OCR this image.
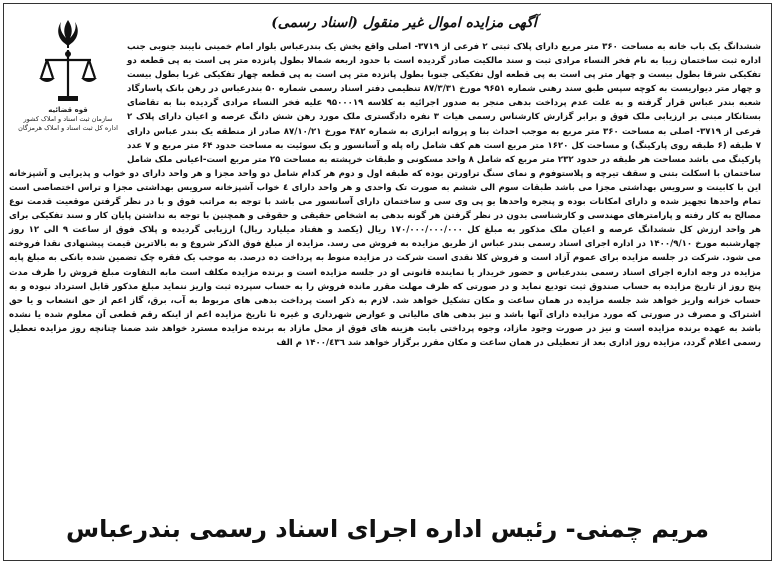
آگهی مزایده اموال غیر منقول (اسناد رسمی)
قوه قضائیه
سازمان ثبت اسناد و املاک کشور
اداره کل ثبت اسناد و املاک هرمزگان
ششدانگ یک باب خانه به مساحت ۳۶۰ متر مربع دارای پلاک ثبتی ۲ فرعی از ۳۷۱۹- اصلی واقع بخش یک بندرعباس بلوار امام خمینی نایبند جنوبی جنب اداره ثبت ساختمان زیبا به نام فخر النساء مرادی ثبت و سند مالکیت صادر گردیده است با حدود اربعه شمالا بطول پانزده متر پی است به پی قطعه دو تفکیکی شرقا بطول بیست و چهار متر پی است به پی قطعه اول تفکیکی جنوبا بطول پانزده متر پی است به پی قطعه چهار تفکیکی غربا بطول بیست و چهار متر دیواریست به کوچه سپس طبق سند رهنی شماره ۹۶۵۱ مورخ ۸۷/۳/۳۱ تنظیمی دفتر اسناد رسمی شماره ۵۰ بندرعباس در رهن بانک پاسارگاد شعبه بندر عباس قرار گرفته و به علت عدم پرداخت بدهی منجر به صدور اجرائیه به کلاسه ۹۵۰۰۰۱۹ علیه فخر النساء مرادی گردیده بنا به تقاضای بستانکار مبنی بر ارزیابی ملک فوق و برابر گزارش کارشناس رسمی هیات ۳ نفره دادگستری ملک مورد رهن شش دانگ عرصه و اعیان دارای پلاک ۲ فرعی از ۳۷۱۹- اصلی به مساحت ۳۶۰ متر مربع به موجب احداث بنا و پروانه ابرازی به شماره ۴۸۲ مورخ ۸۷/۱۰/۲۱ صادر از منطقه یک بندر عباس دارای ۷ طبقه (۶ طبقه روی پارکینگ) و مساحت کل ۱۶۲۰ متر مربع است هم کف شامل راه پله و آسانسور و یک سوئیت به مساحت حدود ۶۴ متر مربع و ۷ عدد پارکینگ می باشد مساحت هر طبقه در حدود ۲۳۲ متر مربع که شامل ۸ واحد مسکونی و طبقات خرپشته به مساحت ۲۵ متر مربع است-اعیانی ملک شامل ساختمان با اسکلت بتنی و سقف تیرچه و پلاستوفوم و نمای سنگ تراورتن بوده که طبقه اول و دوم هر کدام شامل دو واحد مجزا و هر واحد دارای دو خواب و پذیرایی و آشپزخانه این با کابینت و سرویس بهداشتی مجزا می باشد طبقات سوم الی ششم به صورت تک واحدی و هر واحد دارای ٤ خواب آشپزخانه سرویس بهداشتی مجزا و تراس اختصاصی است تمام واحدها تجهیز شده و دارای امکانات بوده و پنجره واحدها یو پی وی سی و ساختمان دارای آسانسور می باشد با توجه به مراتب فوق و با در نظر گرفتن موقعیت قدمت نوع مصالح به کار رفته و پارامترهای مهندسی و کارشناسی بدون در نظر گرفتن هر گونه بدهی به اشخاص حقیقی و حقوقی و همچنین با توجه به نداشتن پایان کار و سند تفکیکی برای هر واحد ارزش کل ششدانگ عرصه و اعیان ملک مذکور به مبلغ کل ۱۷۰/۰۰۰/۰۰۰/۰۰۰ ریال (یکصد و هفتاد میلیارد ریال) ارزیابی گردیده و پلاک فوق از ساعت ۹ الی ۱۲ روز چهارشنبه مورخ ۱۴۰۰/۹/۱۰ در اداره اجرای اسناد رسمی بندر عباس از طریق مزایده به فروش می رسد. مزایده از مبلغ فوق الذکر شروع و به بالاترین قیمت پیشنهادی نقدا فروخته می شود. شرکت در جلسه مزایده برای عموم آزاد است و فروش کلا نقدی است شرکت در مزایده منوط به پرداخت ده درصد. به موجب یک فقره چک تضمین شده بانکی به مبلغ پایه مزایده در وجه اداره اجرای اسناد رسمی بندرعباس و حضور خریدار یا نماینده قانونی او در جلسه مزایده است و برنده مزایده مکلف است مابه التفاوت مبلغ فروش را ظرف مدت پنج روز از تاریخ مزایده به حساب صندوق ثبت تودیع نماید و در صورتی که ظرف مهلت مقرر مانده فروش را به حساب سپرده ثبت واریز ننماید مبلغ مذکور قابل استرداد نبوده و به حساب خزانه واریز خواهد شد جلسه مزایده در همان ساعت و مکان تشکیل خواهد شد. لازم به ذکر است پرداخت بدهی های مربوط به آب، برق، گاز اعم از حق انشعاب و یا حق اشتراک و مصرف در صورتی که مورد مزایده دارای آنها باشد و نیز بدهی های مالیاتی و عوارض شهرداری و غیره تا تاریخ مزایده اعم از اینکه رقم قطعی آن معلوم شده یا نشده باشد به عهده برنده مزایده است و نیز در صورت وجود مازاد، وجوه پرداختی بابت هزینه های فوق از محل مازاد به برنده مزایده مسترد خواهد شد ضمنا چنانچه روز مزایده تعطیل رسمی اعلام گردد، مزایده روز اداری بعد از تعطیلی در همان ساعت و مکان مقرر برگزار خواهد شد ۱۴۰۰/٤٣٦ م الف
مریم چمنی- رئیس اداره اجرای اسناد رسمی بندرعباس
